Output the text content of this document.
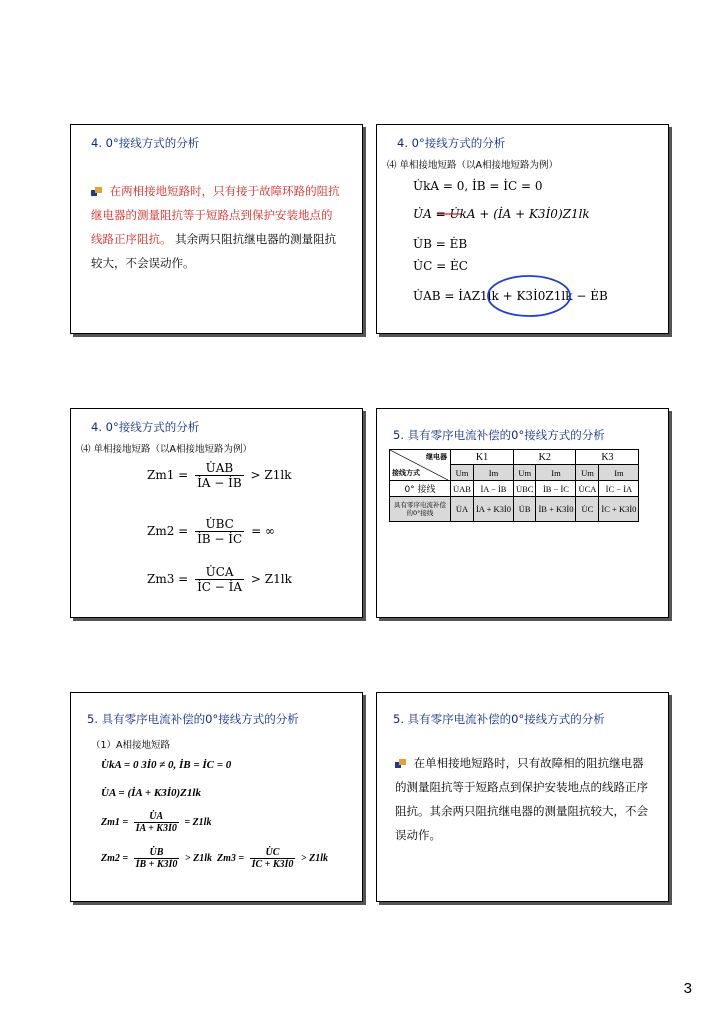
4. 0°接线方式的分析
在两相接地短路时，只有接于故障环路的阻抗继电器的测量阻抗等于短路点到保护安装地点的线路正序阻抗。 其余两只阻抗继电器的测量阻抗较大，不会误动作。
4. 0°接线方式的分析
⑷ 单相接地短路（以A相接地短路为例）
U̇kA = 0, İB = İC = 0
U̇A = U̇kA + (İA + K3İ0)Z1lk
U̇B = ĖB
U̇C = ĖC
U̇AB = İAZ1lk + K3İ0Z1lk − ĖB
4. 0°接线方式的分析
⑷ 单相接地短路（以A相接地短路为例）
$Zm1 = \frac{U̇AB}{İA - İB} > Z1lk$
$Zm2 = \frac{U̇BC}{İB - İC}$ = ∞
$Zm3 = \frac{U̇CA}{İC - İA} > Z1lk$
5. 具有零序电流补偿的0°接线方式的分析
继电器
接线方式	K1		K2		K3	
	Um	Im	Um	Im	Um	Im
0° 接线	U̇AB	İA − İB	U̇BC	İB − İC	U̇CA	İC − İA
具有零序电流补偿的0°接线	U̇A	İA + K3İ0	U̇B	İB + K3İ0	U̇C	İC + K3İ0
5. 具有零序电流补偿的0°接线方式的分析
（1）A相接地短路
U̇kA = 0 3İ0 ≠ 0, İB = İC = 0
U̇A = (İA + K3İ0)Z1lk
$Zm1 = \frac{U̇A}{İA + K3İ0} = Z1lk$
$Zm2 = \frac{U̇B}{İB + K3İ0} > Z1lk$ $Zm3 = \frac{U̇C}{İC + K3İ0} > Z1lk$
5. 具有零序电流补偿的0°接线方式的分析
在单相接地短路时，只有故障相的阻抗继电器的测量阻抗等于短路点到保护安装地点的线路正序阻抗。其余两只阻抗继电器的测量阻抗较大，不会误动作。
3
